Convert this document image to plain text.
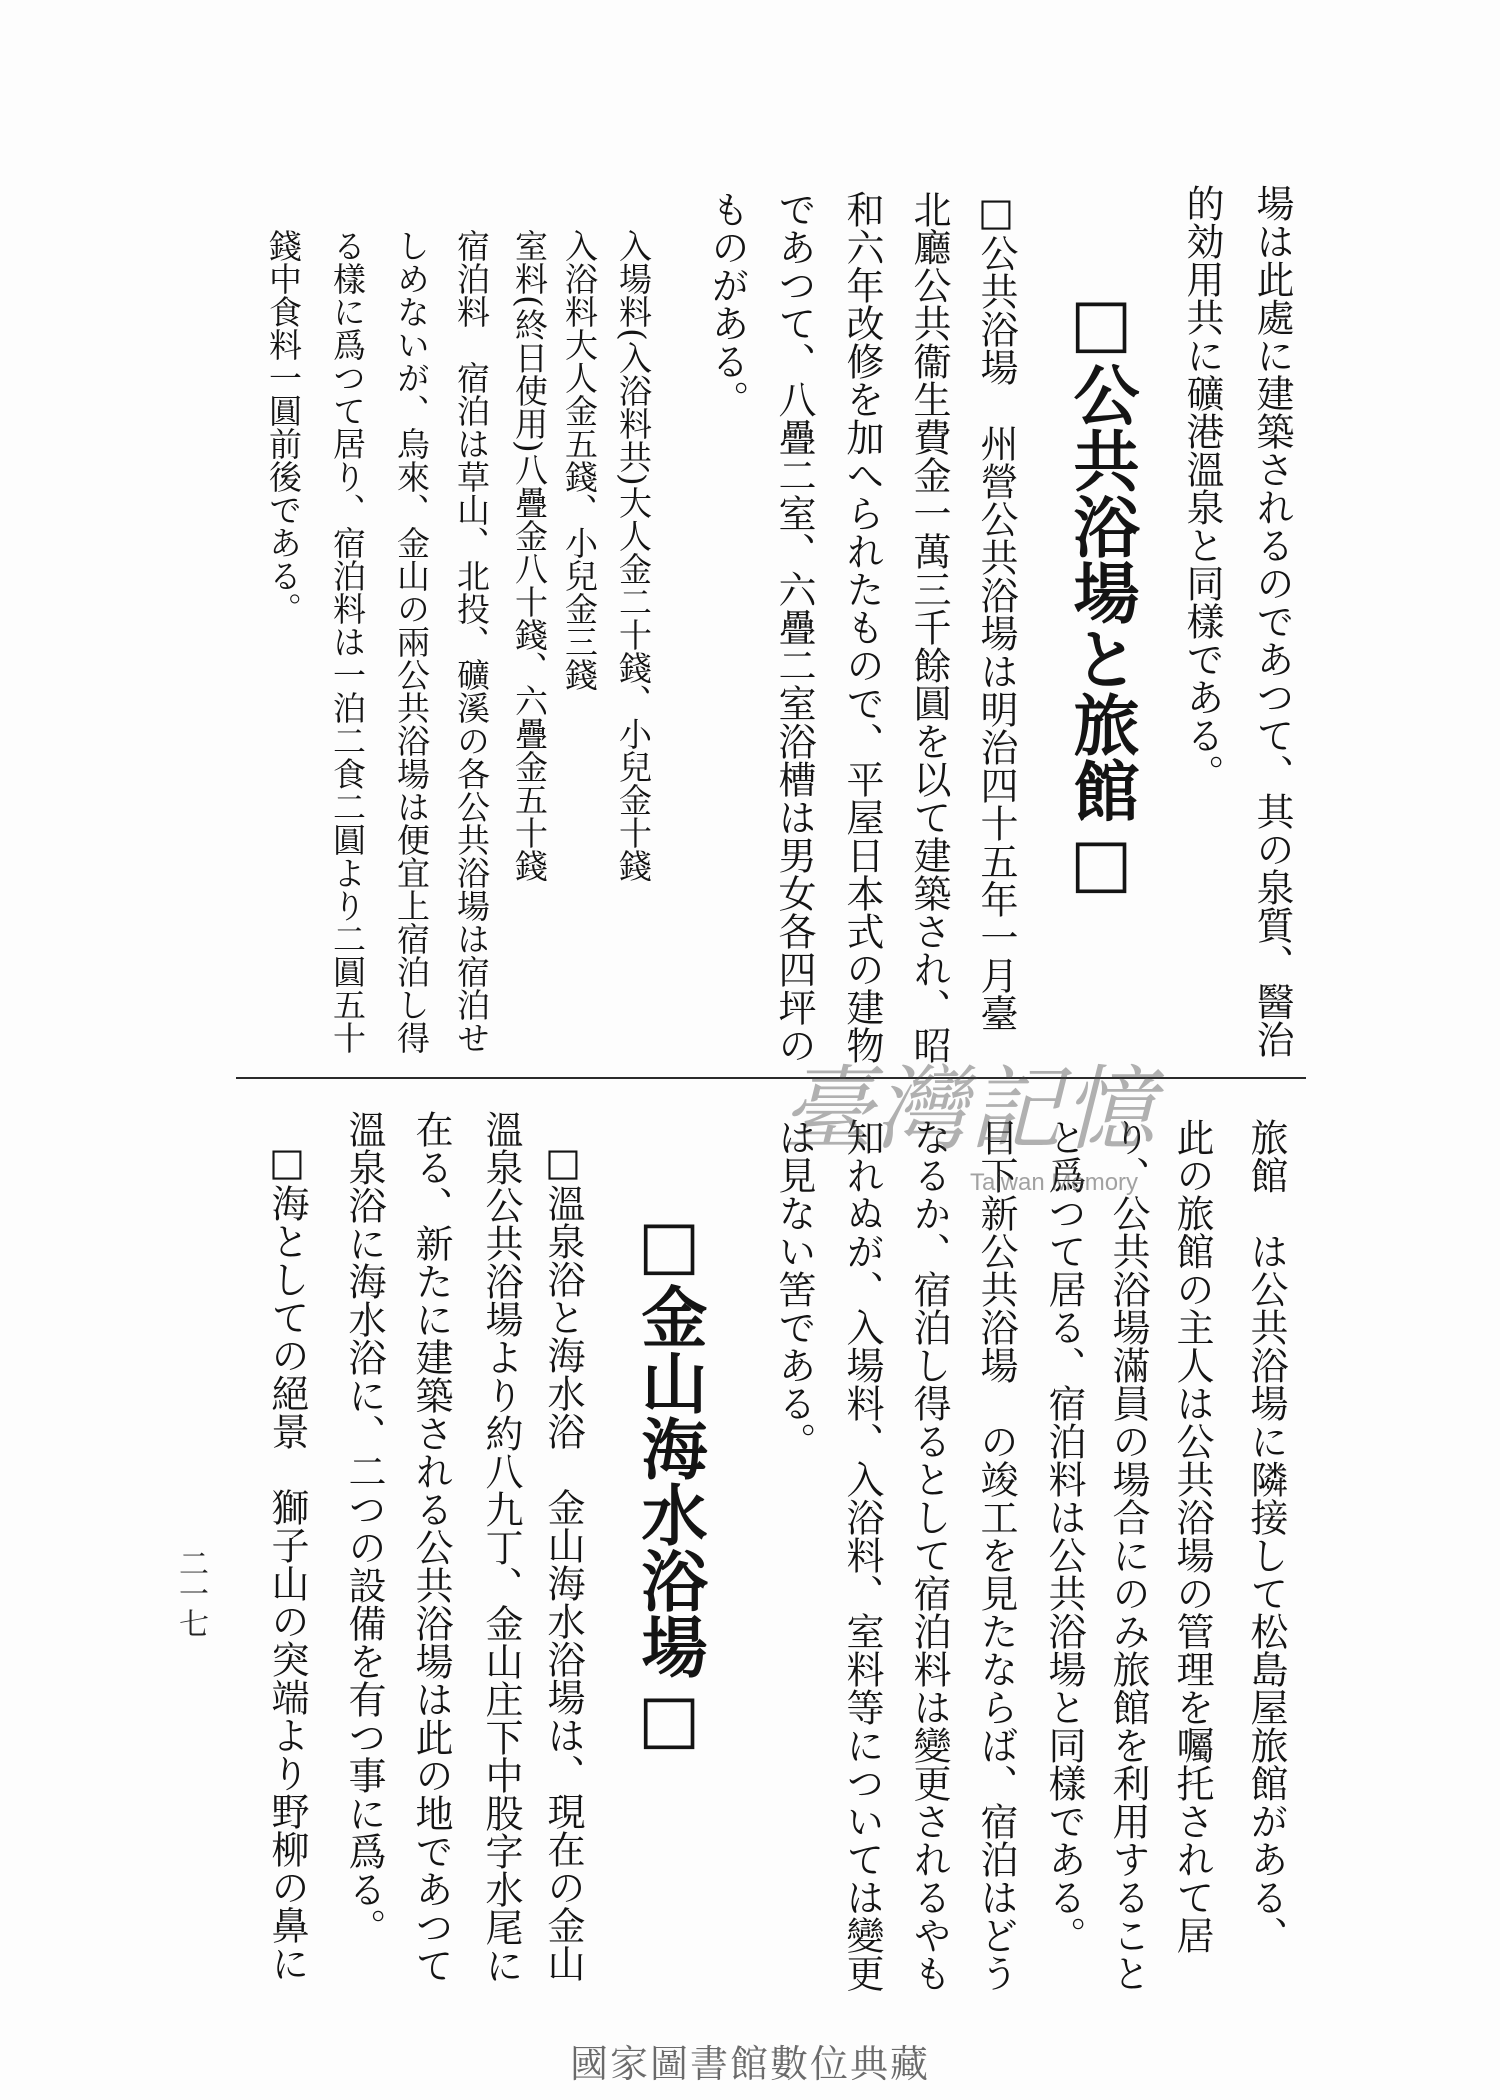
場は此處に建築されるのであつて、其の泉質、醫治
的効用共に礦港溫泉と同樣である。
□公共浴場と旅館□
□公共浴場　州營公共浴場は明治四十五年一月臺
北廳公共衞生費金一萬三千餘圓を以て建築され、昭
和六年改修を加へられたもので、平屋日本式の建物
であつて、八疊二室、六疊二室浴槽は男女各四坪の
ものがある。
入場料(入浴料共)大人金二十錢、小兒金十錢
入浴料大人金五錢、小兒金三錢
室料(終日使用)八疊金八十錢、六疊金五十錢
宿泊料　宿泊は草山、北投、礦溪の各公共浴場は宿泊せ
しめないが、烏來、金山の兩公共浴場は便宜上宿泊し得
る樣に爲つて居り、宿泊料は一泊二食二圓より二圓五十
錢中食料一圓前後である。
旅館　は公共浴場に隣接して松島屋旅館がある、
此の旅館の主人は公共浴場の管理を囑托されて居
り、公共浴場滿員の場合にのみ旅館を利用すること
と爲つて居る、宿泊料は公共浴場と同樣である。
目下新公共浴場　の竣工を見たならば、宿泊はどう
なるか、宿泊し得るとして宿泊料は變更されるやも
知れぬが、入場料、入浴料、室料等については變更
は見ない筈である。
□金山海水浴場□
□溫泉浴と海水浴　金山海水浴場は、現在の金山
溫泉公共浴場より約八九丁、金山庄下中股字水尾に
在る、新たに建築される公共浴場は此の地であつて
溫泉浴に海水浴に、二つの設備を有つ事に爲る。
□海としての絕景　獅子山の突端より野柳の鼻に
二一七
臺灣記憶
Taiwan Memory
國家圖書館數位典藏
